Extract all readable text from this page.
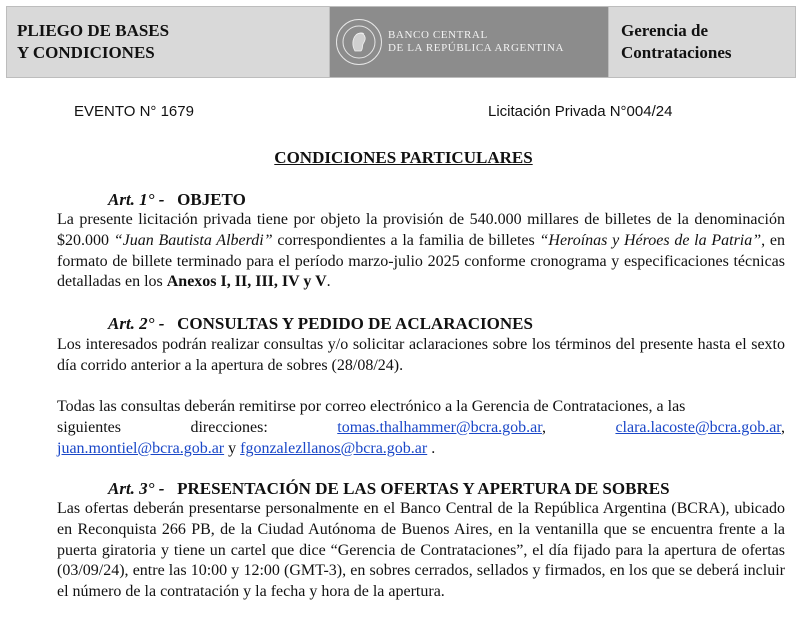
PLIEGO DE BASES
Y CONDICIONES
BANCO CENTRAL
DE LA REPÚBLICA ARGENTINA
Gerencia de
Contrataciones
EVENTO N° 1679	Licitación Privada N°004/24
CONDICIONES PARTICULARES
Art. 1° - OBJETO
La presente licitación privada tiene por objeto la provisión de 540.000 millares de billetes de la denominación $20.000 “Juan Bautista Alberdi” correspondientes a la familia de billetes “Heroínas y Héroes de la Patria”, en formato de billete terminado para el período marzo-julio 2025 conforme cronograma y especificaciones técnicas detalladas en los Anexos I, II, III, IV y V.
Art. 2° - CONSULTAS Y PEDIDO DE ACLARACIONES
Los interesados podrán realizar consultas y/o solicitar aclaraciones sobre los términos del presente hasta el sexto día corrido anterior a la apertura de sobres (28/08/24).
Todas las consultas deberán remitirse por correo electrónico a la Gerencia de Contrataciones, a las
siguientes	direcciones:	tomas.thalhammer@bcra.gob.ar,	clara.lacoste@bcra.gob.ar,
juan.montiel@bcra.gob.ar y fgonzalezllanos@bcra.gob.ar .
Art. 3° - PRESENTACIÓN DE LAS OFERTAS Y APERTURA DE SOBRES
Las ofertas deberán presentarse personalmente en el Banco Central de la República Argentina (BCRA), ubicado en Reconquista 266 PB, de la Ciudad Autónoma de Buenos Aires, en la ventanilla que se encuentra frente a la puerta giratoria y tiene un cartel que dice “Gerencia de Contrataciones”, el día fijado para la apertura de ofertas (03/09/24), entre las 10:00 y 12:00 (GMT-3), en sobres cerrados, sellados y firmados, en los que se deberá incluir el número de la contratación y la fecha y hora de la apertura.
